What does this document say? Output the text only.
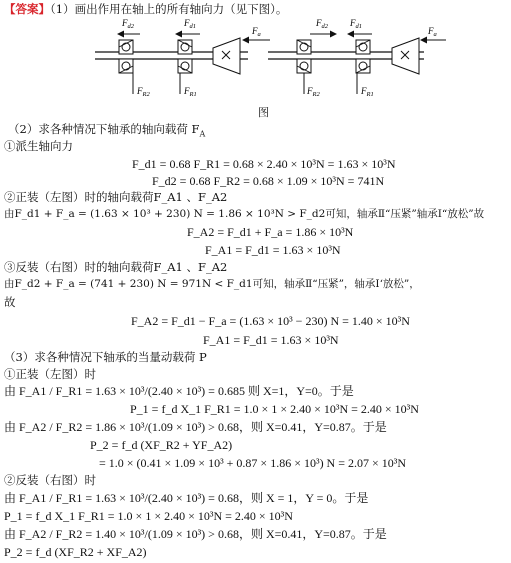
【答案】（1）画出作用在轴上的所有轴向力（见下图）。
$F_{d2}$	$F_{d1}$	$F_a$
$F_{R2}$	$F_{R1}$
$F_{d2}$ $F_{d1}$	$F_a$
$F_{R2}$	$F_{R1}$
图
（2）求各种情况下轴承的轴向载荷 $F_A$
①派生轴向力
F_d1 = 0.68 F_R1 = 0.68 × 2.40 × 10³N = 1.63 × 10³N
F_d2 = 0.68 F_R2 = 0.68 × 1.09 × 10³N = 741N
②正装（左图）时的轴向载荷F_A1 、F_A2
由F_d1 + F_a = (1.63 × 10³ + 230) N = 1.86 × 10³N > F_d2可知，轴承Ⅱ“压紧”轴承Ⅰ“放松”故
F_A2 = F_d1 + F_a = 1.86 × 10³N
F_A1 = F_d1 = 1.63 × 10³N
③反装（右图）时的轴向载荷F_A1 、F_A2
由F_d2 + F_a = (741 + 230) N = 971N < F_d1可知，轴承Ⅱ“压紧”，轴承Ⅰ‘放松”，
故
F_A2 = F_d1 − F_a = (1.63 × 10³ − 230) N = 1.40 × 10³N
F_A1 = F_d1 = 1.63 × 10³N
（3）求各种情况下轴承的当量动载荷 P
①正装（左图）时
由 F_A1 / F_R1 = 1.63 × 10³/(2.40 × 10³) = 0.685 则 X=1，Y=0。于是
P_1 = f_d X_1 F_R1 = 1.0 × 1 × 2.40 × 10³N = 2.40 × 10³N
由 F_A2 / F_R2 = 1.86 × 10³/(1.09 × 10³) > 0.68，则 X=0.41，Y=0.87。于是
P_2 = f_d (XF_R2 + YF_A2)
= 1.0 × (0.41 × 1.09 × 10³ + 0.87 × 1.86 × 10³) N = 2.07 × 10³N
②反装（右图）时
由 F_A1 / F_R1 = 1.63 × 10³/(2.40 × 10³) = 0.68，则 X = 1，Y = 0。于是
P_1 = f_d X_1 F_R1 = 1.0 × 1 × 2.40 × 10³N = 2.40 × 10³N
由 F_A2 / F_R2 = 1.40 × 10³/(1.09 × 10³) > 0.68，则 X=0.41，Y=0.87。于是
P_2 = f_d (XF_R2 + XF_A2)
